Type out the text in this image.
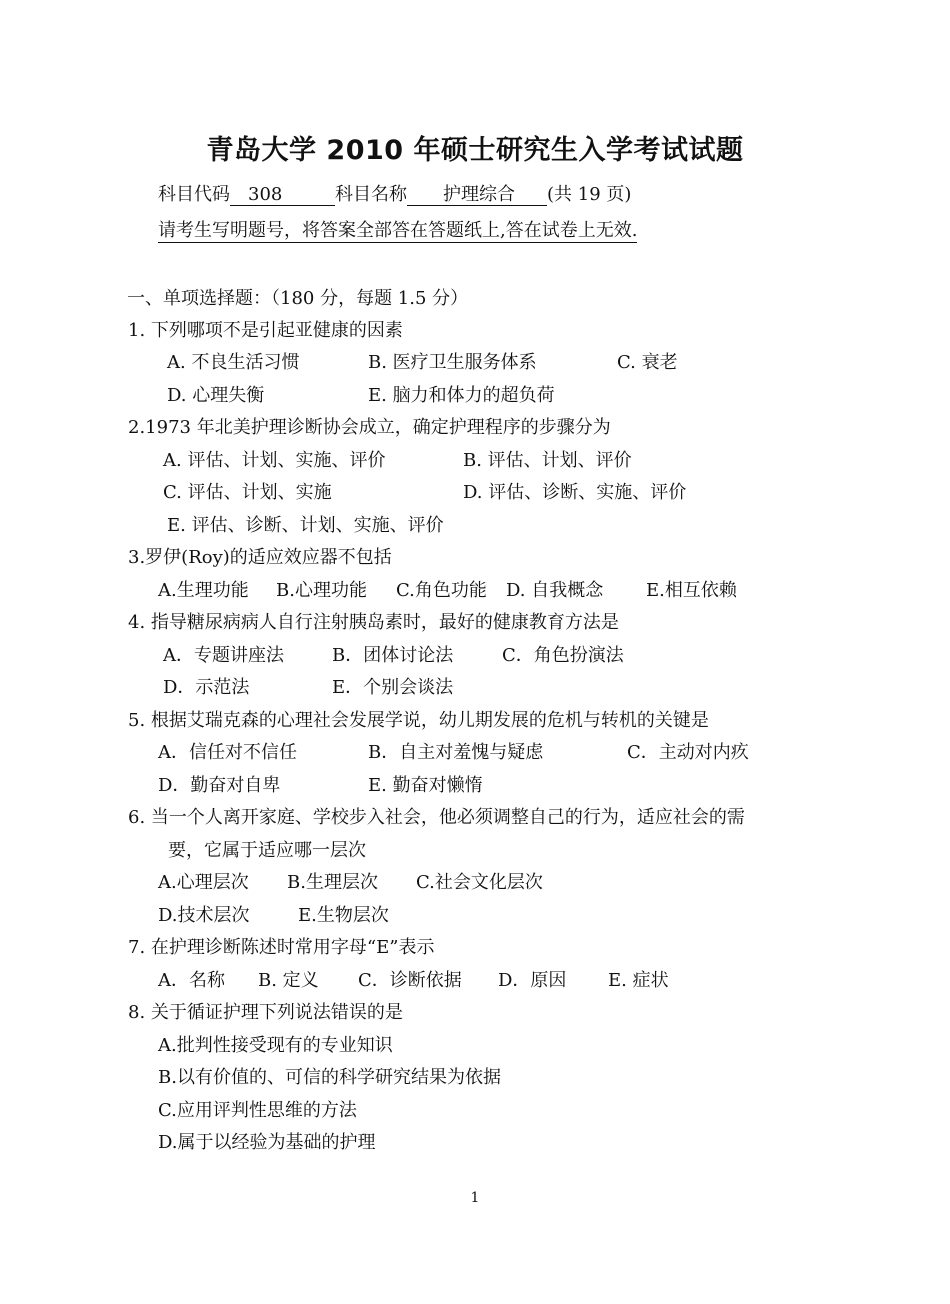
青岛大学 2010 年硕士研究生入学考试试题
科目代码 308	科目名称 护理综合 (共 19 页)
请考生写明题号，将答案全部答在答题纸上,答在试卷上无效.
一、单项选择题：（180 分，每题 1.5 分）
1. 下列哪项不是引起亚健康的因素
A. 不良生活习惯	B. 医疗卫生服务体系	C. 衰老
D. 心理失衡	E. 脑力和体力的超负荷
2.1973 年北美护理诊断协会成立，确定护理程序的步骤分为
A. 评估、计划、实施、评价	B. 评估、计划、评价
C. 评估、计划、实施	D. 评估、诊断、实施、评价
E. 评估、诊断、计划、实施、评价
3.罗伊(Roy)的适应效应器不包括
A.生理功能 B.心理功能 C.角色功能 D. 自我概念 E.相互依赖
4. 指导糖尿病病人自行注射胰岛素时，最好的健康教育方法是
A．专题讲座法	B．团体讨论法	C．角色扮演法
D．示范法	E．个别会谈法
5. 根据艾瑞克森的心理社会发展学说，幼儿期发展的危机与转机的关键是
A．信任对不信任	B．自主对羞愧与疑虑	C．主动对内疚
D．勤奋对自卑	E. 勤奋对懒惰
6. 当一个人离开家庭、学校步入社会，他必须调整自己的行为，适应社会的需
要，它属于适应哪一层次
A.心理层次 B.生理层次 C.社会文化层次
D.技术层次	E.生物层次
7. 在护理诊断陈述时常用字母“E”表示
A．名称 B. 定义 C．诊断依据 D．原因 E. 症状
8. 关于循证护理下列说法错误的是
A.批判性接受现有的专业知识
B.以有价值的、可信的科学研究结果为依据
C.应用评判性思维的方法
D.属于以经验为基础的护理
1
